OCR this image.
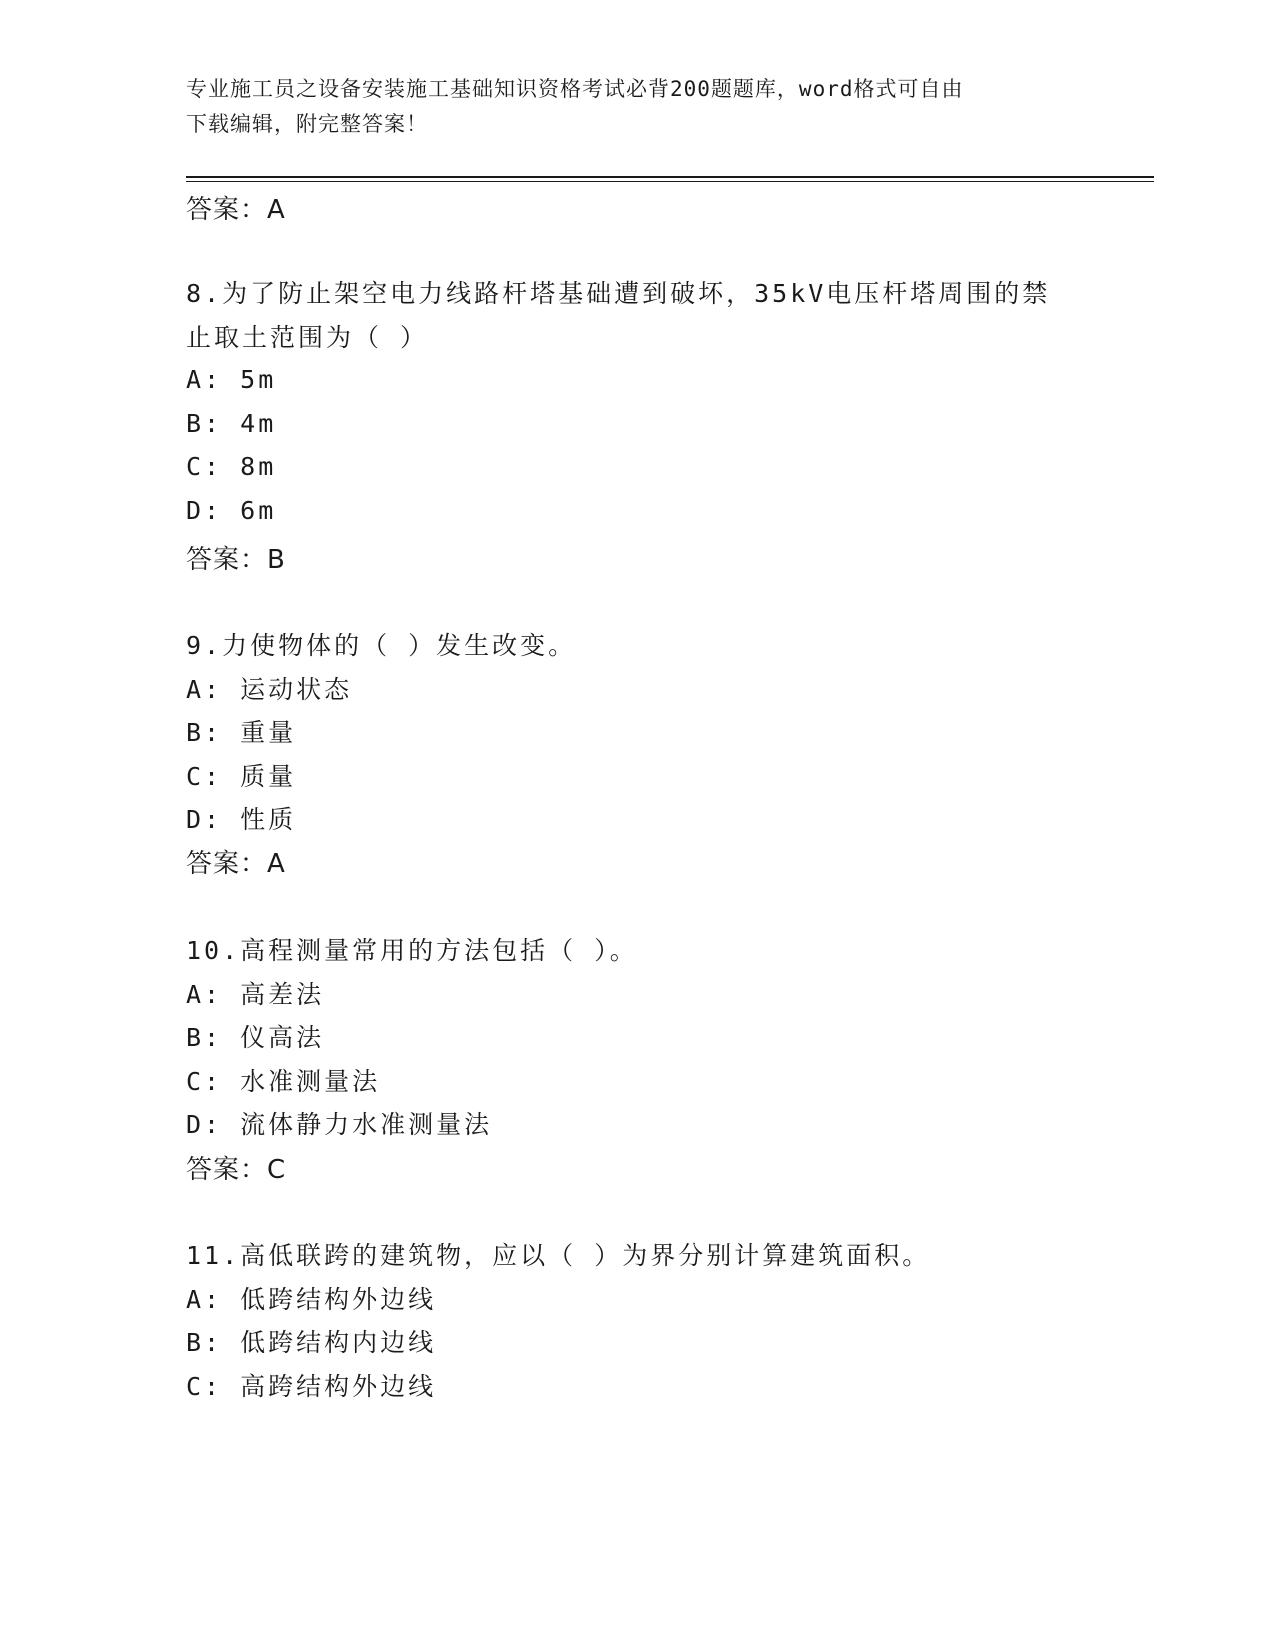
专业施工员之设备安装施工基础知识资格考试必背200题题库，word格式可自由
下载编辑，附完整答案！
答案：A
8.为了防止架空电力线路杆塔基础遭到破坏，35kV电压杆塔周围的禁
止取土范围为（ ）
A: 5m
B: 4m
C: 8m
D: 6m
答案：B
9.力使物体的（ ）发生改变。
A: 运动状态
B: 重量
C: 质量
D: 性质
答案：A
10.高程测量常用的方法包括（ ）。
A: 高差法
B: 仪高法
C: 水准测量法
D: 流体静力水准测量法
答案：C
11.高低联跨的建筑物，应以（ ）为界分别计算建筑面积。
A: 低跨结构外边线
B: 低跨结构内边线
C: 高跨结构外边线
